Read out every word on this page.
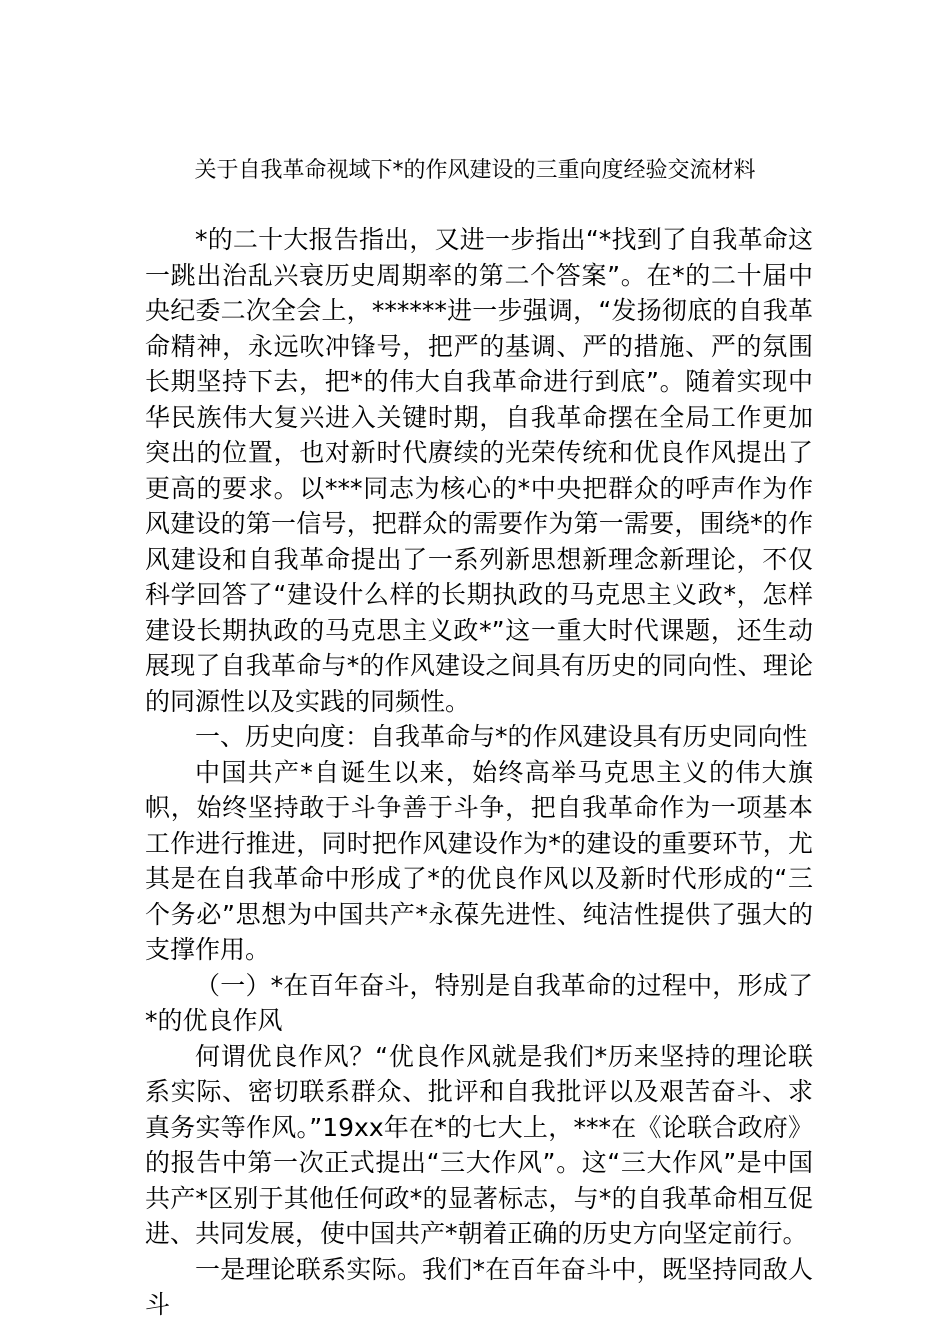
关于自我革命视域下*的作风建设的三重向度经验交流材料

*的二十大报告指出，又进一步指出“*找到了自我革命这一跳出治乱兴衰历史周期率的第二个答案”。在*的二十届中央纪委二次全会上，******进一步强调，“发扬彻底的自我革命精神，永远吹冲锋号，把严的基调、严的措施、严的氛围长期坚持下去，把*的伟大自我革命进行到底”。随着实现中华民族伟大复兴进入关键时期，自我革命摆在全局工作更加突出的位置，也对新时代赓续的光荣传统和优良作风提出了更高的要求。以***同志为核心的*中央把群众的呼声作为作风建设的第一信号，把群众的需要作为第一需要，围绕*的作风建设和自我革命提出了一系列新思想新理念新理论，不仅科学回答了“建设什么样的长期执政的马克思主义政*，怎样建设长期执政的马克思主义政*”这一重大时代课题，还生动展现了自我革命与*的作风建设之间具有历史的同向性、理论的同源性以及实践的同频性。

一、历史向度：自我革命与*的作风建设具有历史同向性

中国共产*自诞生以来，始终高举马克思主义的伟大旗帜，始终坚持敢于斗争善于斗争，把自我革命作为一项基本工作进行推进，同时把作风建设作为*的建设的重要环节，尤其是在自我革命中形成了*的优良作风以及新时代形成的“三个务必”思想为中国共产*永葆先进性、纯洁性提供了强大的支撑作用。

（一）*在百年奋斗，特别是自我革命的过程中，形成了*的优良作风

何谓优良作风？“优良作风就是我们*历来坚持的理论联系实际、密切联系群众、批评和自我批评以及艰苦奋斗、求真务实等作风。”19xx年在*的七大上，***在《论联合政府》的报告中第一次正式提出“三大作风”。这“三大作风”是中国共产*区别于其他任何政*的显著标志，与*的自我革命相互促进、共同发展，使中国共产*朝着正确的历史方向坚定前行。

一是理论联系实际。我们*在百年奋斗中，既坚持同敌人斗
